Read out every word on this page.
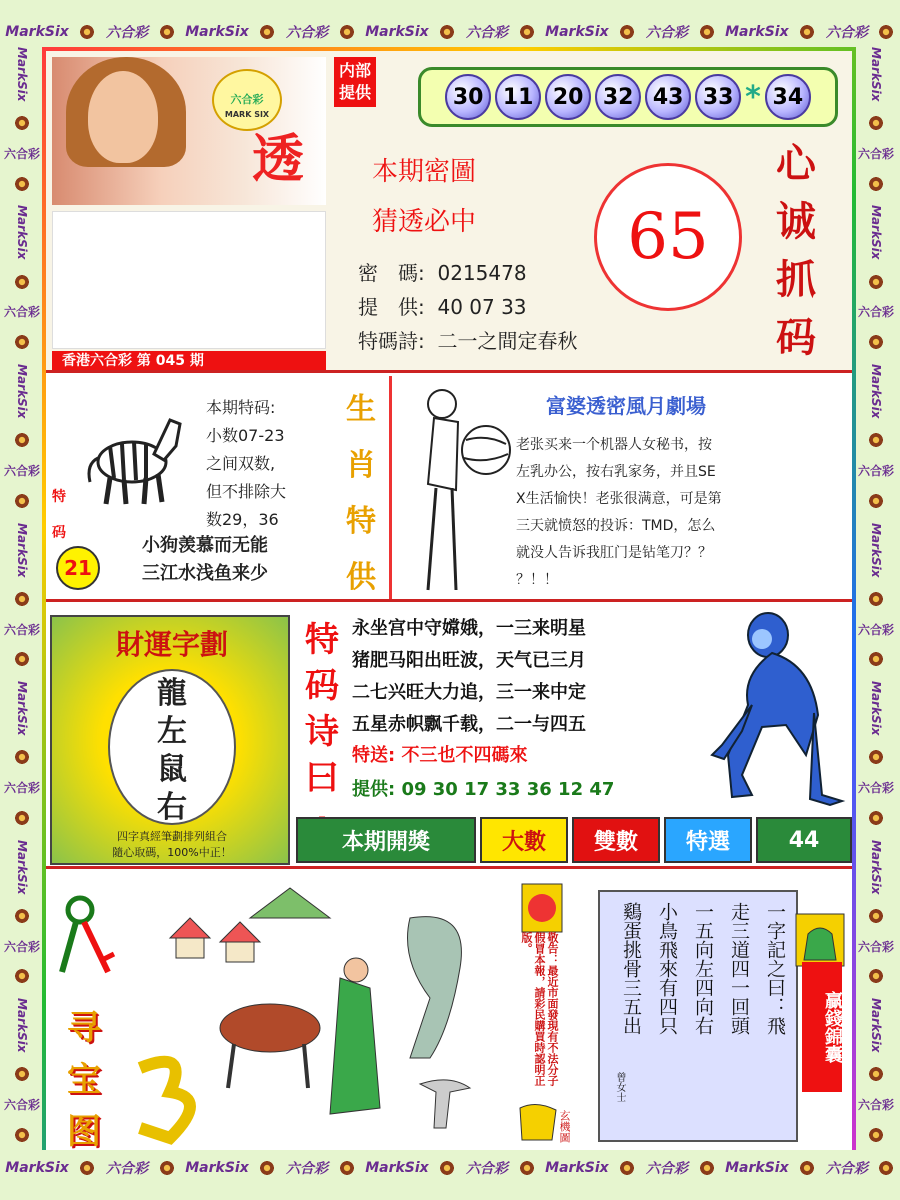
MarkSix	六合彩	MarkSix	六合彩	MarkSix	六合彩	MarkSix	六合彩	MarkSix	六合彩
MarkSix	六合彩	MarkSix	六合彩	MarkSix	六合彩	MarkSix	六合彩	MarkSix	六合彩
MarkSix
六合彩
MarkSix
六合彩
MarkSix
六合彩
MarkSix
六合彩
MarkSix
六合彩
MarkSix
六合彩
MarkSix
六合彩
MarkSix
六合彩
MarkSix
六合彩
MarkSix
六合彩
MarkSix
六合彩
MarkSix
六合彩
MarkSix
六合彩
MarkSix
六合彩
六合彩
MARK SIX
透
香港六合彩 第 045 期
内部
提供	30 11 20 32 43 33 * 34
本期密圖
猜透必中
密　碼: 0215478
提　供: 40 07 33
特碼詩: 二一之間定春秋
65
心
诚
抓
码
特

码
21
本期特码:
小数07-23
之间双数,
但不排除大
数29，36
小狗羡慕而无能
三江水浅鱼来少
生
肖
特
供
富婆透密風月劇場
老张买来一个机器人女秘书，按
左乳办公，按右乳家务，并且SE
X生活愉快！老张很满意，可是第
三天就愤怒的投诉：TMD，怎么
就没人告诉我肛门是钻笔刀？？
？！！
財運字劃
龍
左
鼠
右
四字真經筆劃排列組合
隨心取碼，100%中正！
特
码
诗
曰
永坐宫中守嫦娥，一三来明星
猪肥马阳出旺波，天气已三月
二七兴旺大力追，三一来中定
五星赤帜飘千载，二一与四五
特送: 不三也不四碼來
提供: 09 30 17 33 36 12 47
本期開獎	大數	雙數	特選	44
寻
宝
图
敬告：最近市面發現有不法分子假冒本報，請彩民購買時認明正版。
玄機圖
一字記之曰：飛
走三道四一回頭
一五向左四向右
小鳥飛來有四只
鷄蛋挑骨三五出
曾女士
贏錢錦囊
